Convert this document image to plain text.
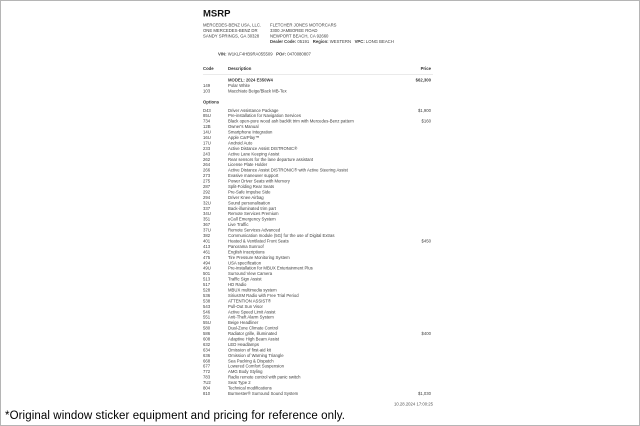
MSRP
MERCEDES-BENZ USA, LLC.
ONE MERCEDES-BENZ DR
SANDY SPRINGS, GA 30328
FLETCHER JONES MOTORCARS
3300 JAMBOREE ROAD
NEWPORT BEACH, CA 92660
Dealer Code: 05191 Region: WESTERN VPC: LONG BEACH
VIN: W1KLF4HB9RA055509 PO#: 0470080807
Code	Description	Price
MODEL: 2024 E350W4	$62,300
149	Polar White
103	Macchiato Beige/Black MB-Tex
Options
D43	Driver Assistance Package	$1,900
85U	Pre-installation for Navigation Services
734	Black open-pore wood ash backlit trim with Mercedes-Benz pattern	$160
12B	Owner's Manual
14U	Smartphone Integration
16U	Apple CarPlay™
17U	Android Auto
233	Active Distance Assist DISTRONIC®
243	Active Lane Keeping Assist
262	Rear sensors for the lane departure assistant
264	License Plate Holder
266	Active Distance Assist DISTRONIC® with Active Steering Assist
273	Evasive maneuver support
275	Power Driver Seats with Memory
287	Split-Folding Rear Seats
292	Pre-Safe Impulse Side
294	Driver Knee Airbag
32U	Sound personalisation
337	Back-illuminated trim part
34U	Remote Services Premium
351	eCall Emergency System
367	Live Traffic
37U	Remote Services Advanced
382	Communication module (5G) for the use of Digital Extras
401	Heated & Ventilated Front Seats	$450
413	Panorama Sunroof
461	English Inscriptions
475	Tire Pressure Monitoring System
494	USA specification
49U	Pre-installation for MBUX Entertainment Plus
501	Surround View Camera
513	Traffic Sign Assist
517	HD Radio
528	MBUX multimedia system
536	SiriusXM Radio with Free Trial Period
538	ATTENTION ASSIST®
543	Pull-Out Sun Visor
546	Active Speed Limit Assist
551	Anti-Theft Alarm System
55U	Beige Headliner
580	Dual-Zone Climate Control
586	Radiator grille, illuminated	$400
608	Adaptive High Beam Assist
632	LED Headlamps
634	Omission of first-aid kit
636	Omission of Warning Triangle
668	Sea Packing & Dispatch
677	Lowered Comfort Suspension
772	AMG Body Styling
783	Radio remote control with panic switch
7U2	Seat Type 2
804	Technical modifications
810	Burmester® Surround Sound System	$1,030
10.28.2024 17:00:25
*Original window sticker equipment and pricing for reference only.
